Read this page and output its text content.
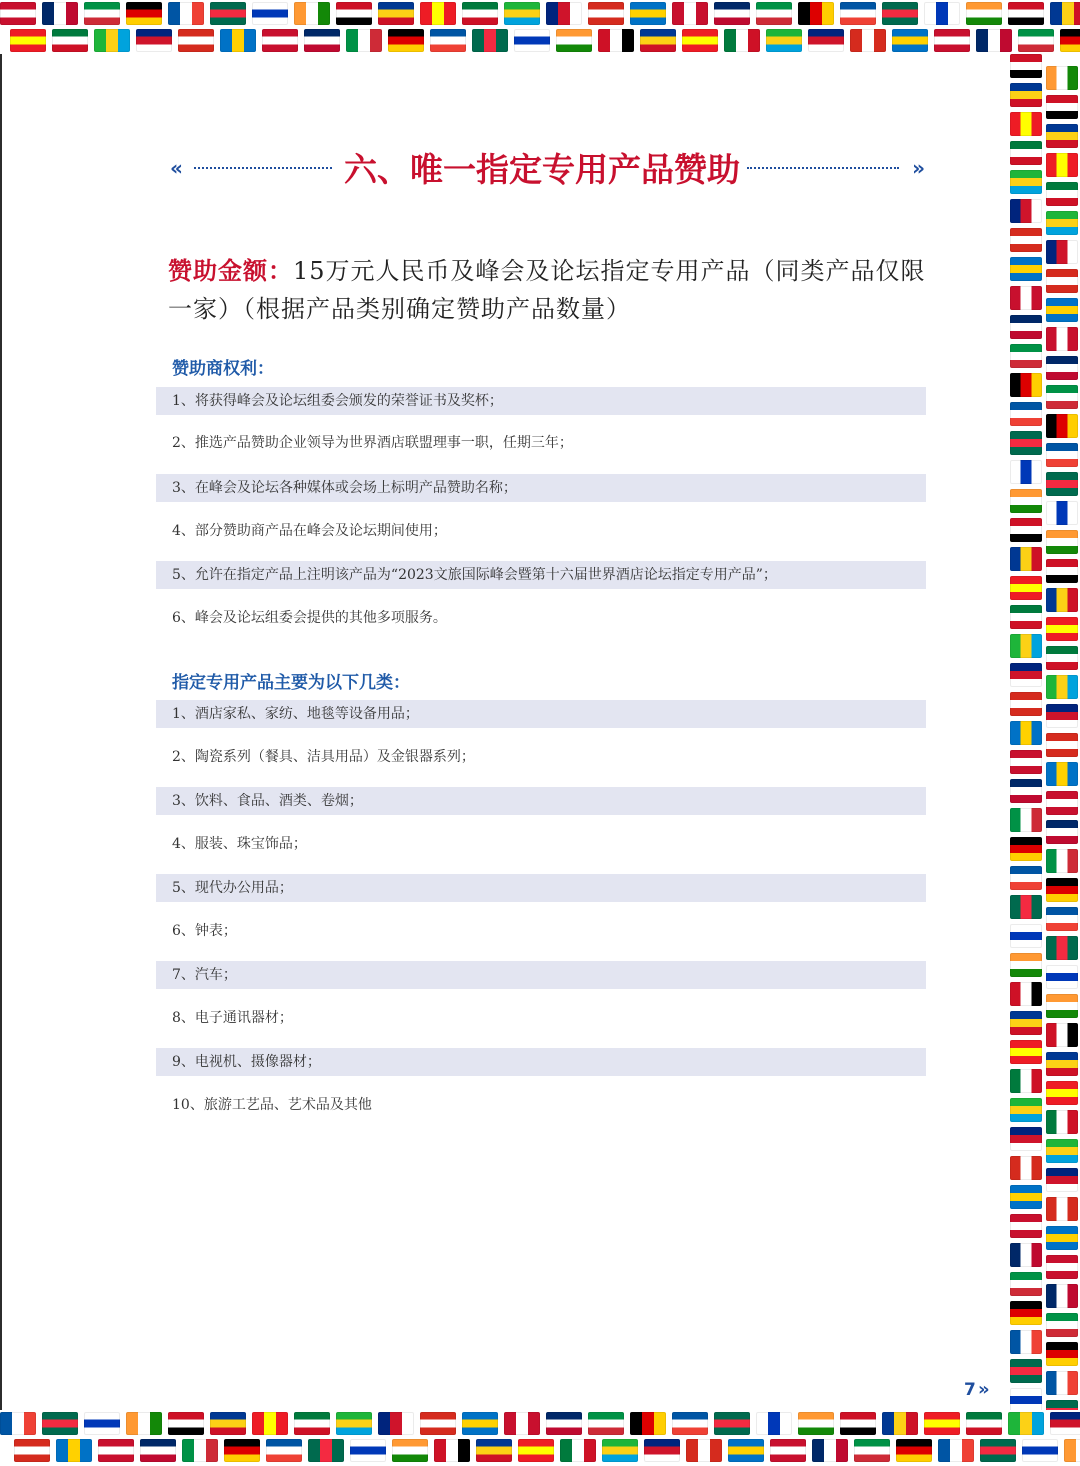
«	六、唯一指定专用产品赞助	»
赞助金额：15万元人民币及峰会及论坛指定专用产品（同类产品仅限一家）（根据产品类别确定赞助产品数量）
赞助商权利：
1、将获得峰会及论坛组委会颁发的荣誉证书及奖杯；
2、推选产品赞助企业领导为世界酒店联盟理事一职，任期三年；
3、在峰会及论坛各种媒体或会场上标明产品赞助名称；
4、部分赞助商产品在峰会及论坛期间使用；
5、允许在指定产品上注明该产品为“2023文旅国际峰会暨第十六届世界酒店论坛指定专用产品”；
6、峰会及论坛组委会提供的其他多项服务。
指定专用产品主要为以下几类：
1、酒店家私、家纺、地毯等设备用品；
2、陶瓷系列（餐具、洁具用品）及金银器系列；
3、饮料、食品、酒类、卷烟；
4、服装、珠宝饰品；
5、现代办公用品；
6、钟表；
7、汽车；
8、电子通讯器材；
9、电视机、摄像器材；
10、旅游工艺品、艺术品及其他
7 »
